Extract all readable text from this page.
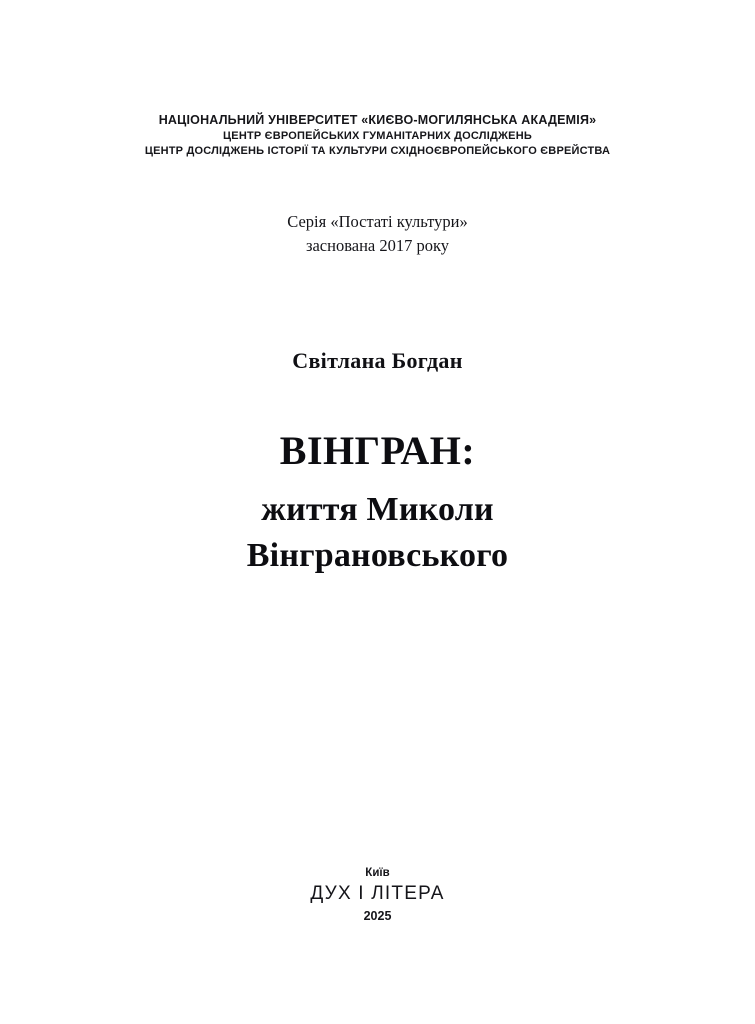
НАЦІОНАЛЬНИЙ УНІВЕРСИТЕТ «КИЄВО-МОГИЛЯНСЬКА АКАДЕМІЯ»
ЦЕНТР ЄВРОПЕЙСЬКИХ ГУМАНІТАРНИХ ДОСЛІДЖЕНЬ
ЦЕНТР ДОСЛІДЖЕНЬ ІСТОРІЇ ТА КУЛЬТУРИ СХІДНОЄВРОПЕЙСЬКОГО ЄВРЕЙСТВА
Серія «Постаті культури»
заснована 2017 року
Світлана Богдан
ВІНГРАН:
життя Миколи
Вінграновського
Київ
ДУХ І ЛІТЕРА
2025
